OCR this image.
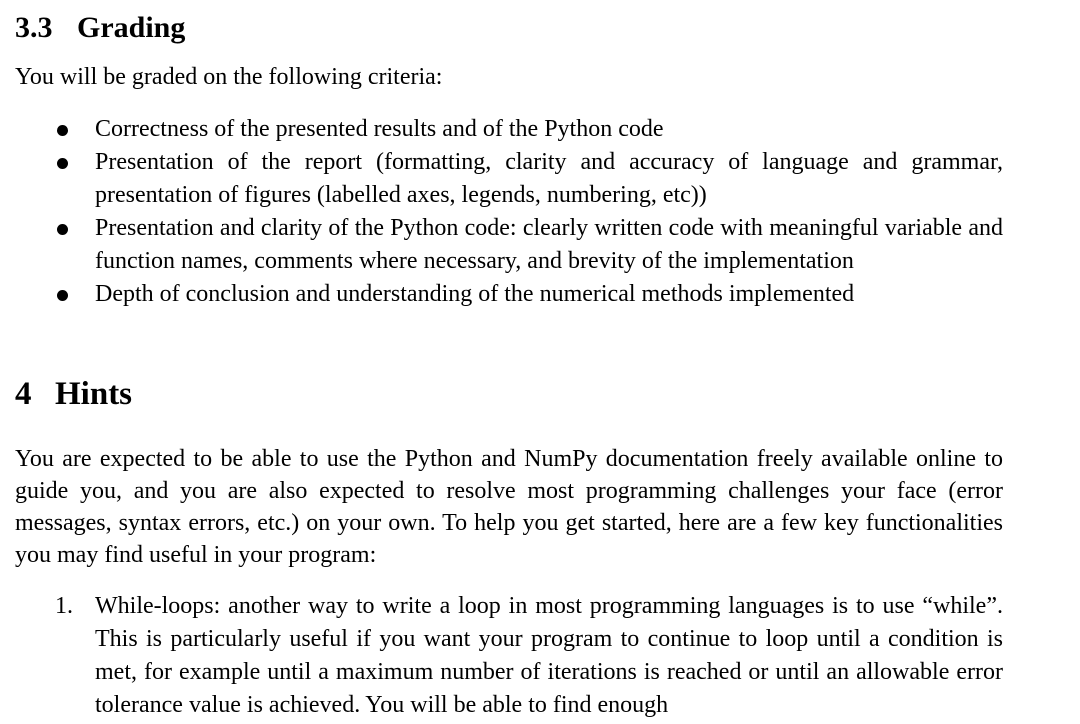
3.3 Grading

You will be graded on the following criteria:

Correctness of the presented results and of the Python code
Presentation of the report (formatting, clarity and accuracy of language and grammar, presentation of figures (labelled axes, legends, numbering, etc))
Presentation and clarity of the Python code: clearly written code with meaningful variable and function names, comments where necessary, and brevity of the implementation
Depth of conclusion and understanding of the numerical methods implemented
4 Hints

You are expected to be able to use the Python and NumPy documentation freely available online to guide you, and you are also expected to resolve most programming challenges your face (error messages, syntax errors, etc.) on your own. To help you get started, here are a few key functionalities you may find useful in your program:

1. While-loops: another way to write a loop in most programming languages is to use “while”. This is particularly useful if you want your program to continue to loop until a condition is met, for example until a maximum number of iterations is reached or until an allowable error tolerance value is achieved. You will be able to find enough
